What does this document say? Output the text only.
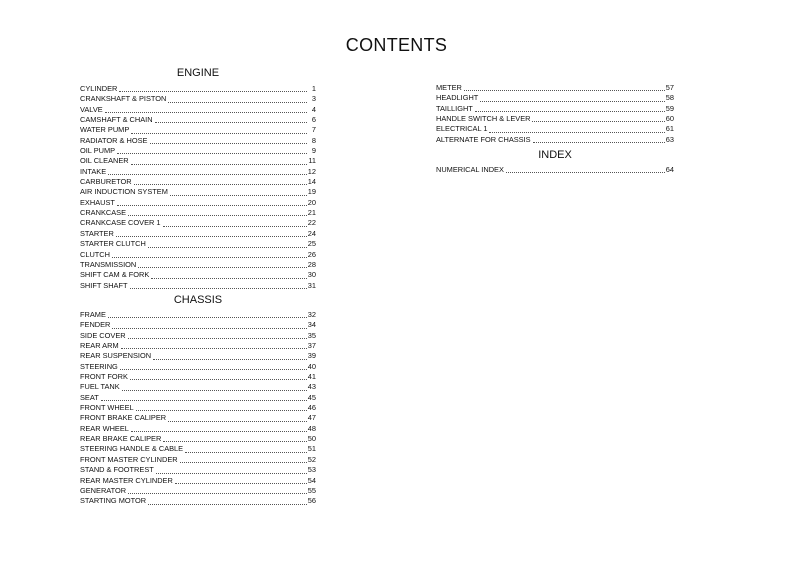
CONTENTS
ENGINE
CYLINDER	1
CRANKSHAFT & PISTON	3
VALVE	4
CAMSHAFT & CHAIN	6
WATER PUMP	7
RADIATOR & HOSE	8
OIL PUMP	9
OIL CLEANER	11
INTAKE	12
CARBURETOR	14
AIR INDUCTION SYSTEM	19
EXHAUST	20
CRANKCASE	21
CRANKCASE COVER 1	22
STARTER	24
STARTER CLUTCH	25
CLUTCH	26
TRANSMISSION	28
SHIFT CAM & FORK	30
SHIFT SHAFT	31
CHASSIS
FRAME	32
FENDER	34
SIDE COVER	35
REAR ARM	37
REAR SUSPENSION	39
STEERING	40
FRONT FORK	41
FUEL TANK	43
SEAT	45
FRONT WHEEL	46
FRONT BRAKE CALIPER	47
REAR WHEEL	48
REAR BRAKE CALIPER	50
STEERING HANDLE & CABLE	51
FRONT MASTER CYLINDER	52
STAND & FOOTREST	53
REAR MASTER CYLINDER	54
GENERATOR	55
STARTING MOTOR	56
METER	57
HEADLIGHT	58
TAILLIGHT	59
HANDLE SWITCH & LEVER	60
ELECTRICAL 1	61
ALTERNATE FOR CHASSIS	63
INDEX
NUMERICAL INDEX	64
